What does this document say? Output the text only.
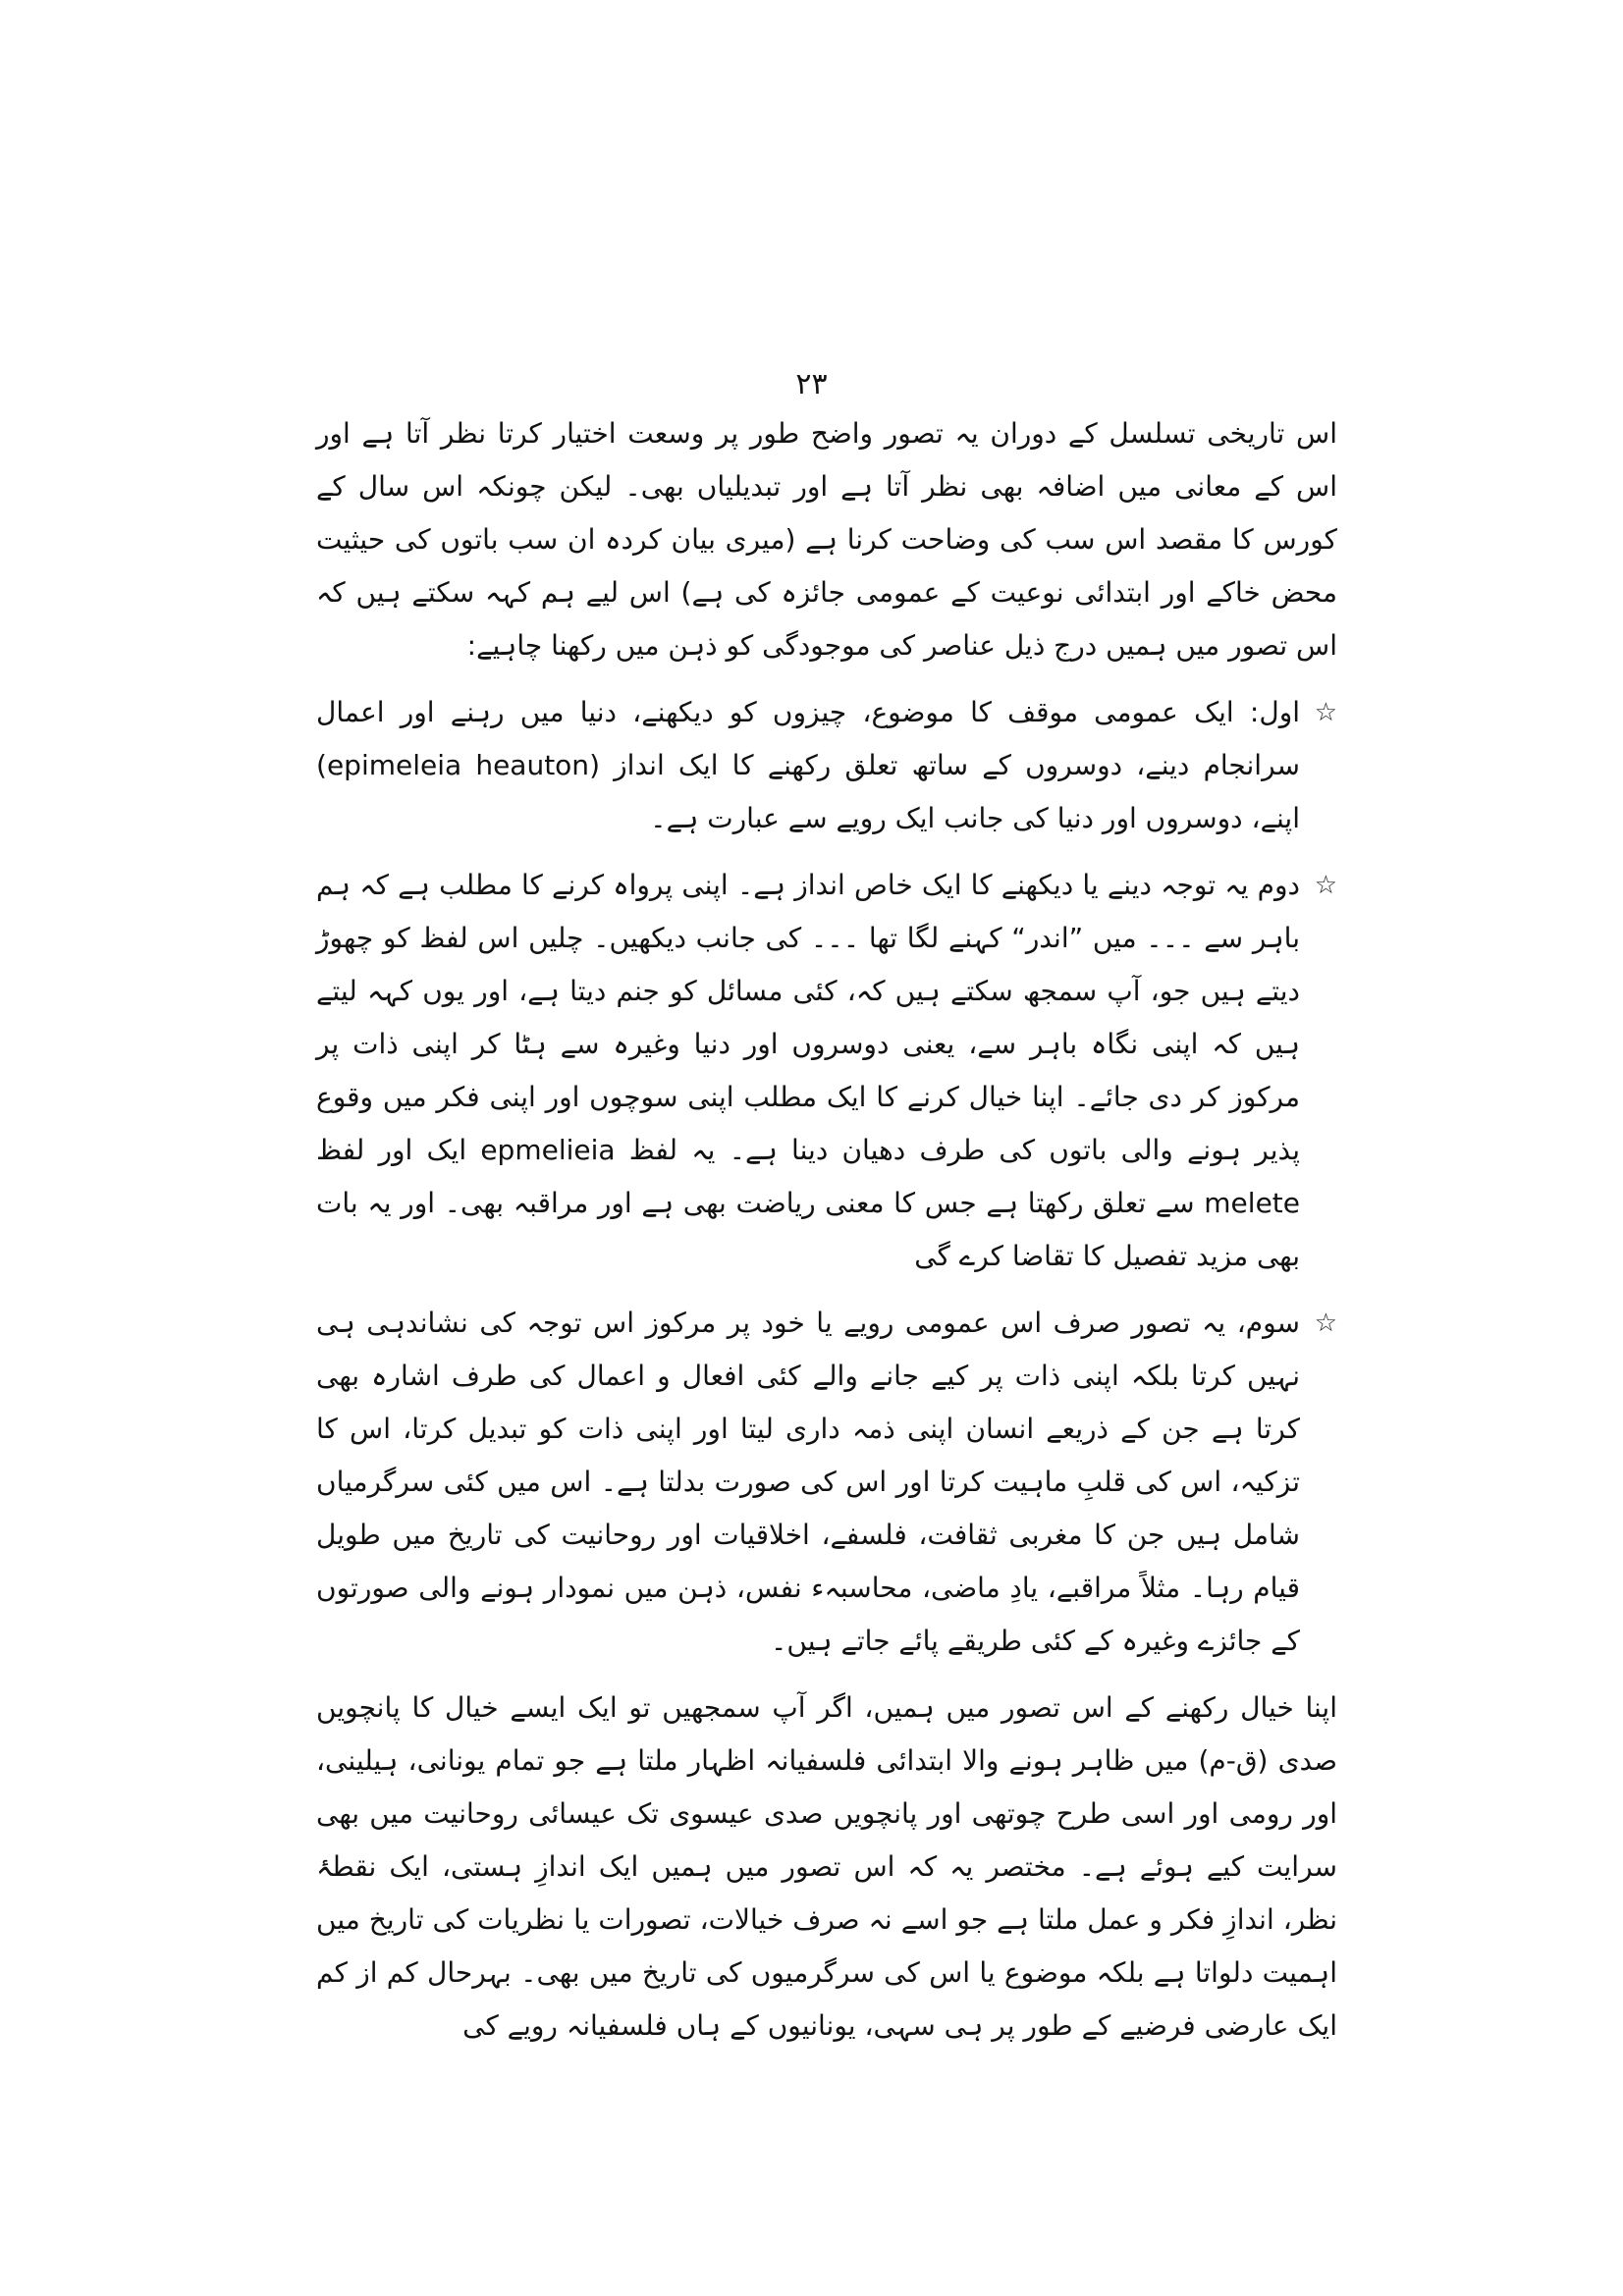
۲۳

اس تاریخی تسلسل کے دوران یہ تصور واضح طور پر وسعت اختیار کرتا نظر آتا ہے اور اس کے معانی میں اضافہ بھی نظر آتا ہے اور تبدیلیاں بھی۔ لیکن چونکہ اس سال کے کورس کا مقصد اس سب کی وضاحت کرنا ہے (میری بیان کردہ ان سب باتوں کی حیثیت محض خاکے اور ابتدائی نوعیت کے عمومی جائزہ کی ہے) اس لیے ہم کہہ سکتے ہیں کہ اس تصور میں ہمیں درج ذیل عناصر کی موجودگی کو ذہن میں رکھنا چاہیے:

☆
اول: ایک عمومی موقف کا موضوع، چیزوں کو دیکھنے، دنیا میں رہنے اور اعمال سرانجام دینے، دوسروں کے ساتھ تعلق رکھنے کا ایک انداز (epimeleia heauton) اپنے، دوسروں اور دنیا کی جانب ایک رویے سے عبارت ہے۔
☆
دوم یہ توجہ دینے یا دیکھنے کا ایک خاص انداز ہے۔ اپنی پرواہ کرنے کا مطلب ہے کہ ہم باہر سے ۔۔۔ میں ”اندر“ کہنے لگا تھا ۔۔۔ کی جانب دیکھیں۔ چلیں اس لفظ کو چھوڑ دیتے ہیں جو، آپ سمجھ سکتے ہیں کہ، کئی مسائل کو جنم دیتا ہے، اور یوں کہہ لیتے ہیں کہ اپنی نگاہ باہر سے، یعنی دوسروں اور دنیا وغیرہ سے ہٹا کر اپنی ذات پر مرکوز کر دی جائے۔ اپنا خیال کرنے کا ایک مطلب اپنی سوچوں اور اپنی فکر میں وقوع پذیر ہونے والی باتوں کی طرف دھیان دینا ہے۔ یہ لفظ epmelieia ایک اور لفظ melete سے تعلق رکھتا ہے جس کا معنی ریاضت بھی ہے اور مراقبہ بھی۔ اور یہ بات بھی مزید تفصیل کا تقاضا کرے گی
☆
سوم، یہ تصور صرف اس عمومی رویے یا خود پر مرکوز اس توجہ کی نشاندہی ہی نہیں کرتا بلکہ اپنی ذات پر کیے جانے والے کئی افعال و اعمال کی طرف اشارہ بھی کرتا ہے جن کے ذریعے انسان اپنی ذمہ داری لیتا اور اپنی ذات کو تبدیل کرتا، اس کا تزکیہ، اس کی قلبِ ماہیت کرتا اور اس کی صورت بدلتا ہے۔ اس میں کئی سرگرمیاں شامل ہیں جن کا مغربی ثقافت، فلسفے، اخلاقیات اور روحانیت کی تاریخ میں طویل قیام رہا۔ مثلاً مراقبے، یادِ ماضی، محاسبہء نفس، ذہن میں نمودار ہونے والی صورتوں کے جائزے وغیرہ کے کئی طریقے پائے جاتے ہیں۔

اپنا خیال رکھنے کے اس تصور میں ہمیں، اگر آپ سمجھیں تو ایک ایسے خیال کا پانچویں صدی (ق-م) میں ظاہر ہونے والا ابتدائی فلسفیانہ اظہار ملتا ہے جو تمام یونانی، ہیلینی، اور رومی اور اسی طرح چوتھی اور پانچویں صدی عیسوی تک عیسائی روحانیت میں بھی سرایت کیے ہوئے ہے۔ مختصر یہ کہ اس تصور میں ہمیں ایک اندازِ ہستی، ایک نقطۂ نظر، اندازِ فکر و عمل ملتا ہے جو اسے نہ صرف خیالات، تصورات یا نظریات کی تاریخ میں اہمیت دلواتا ہے بلکہ موضوع یا اس کی سرگرمیوں کی تاریخ میں بھی۔ بہرحال کم از کم ایک عارضی فرضیے کے طور پر ہی سہی، یونانیوں کے ہاں فلسفیانہ رویے کی
